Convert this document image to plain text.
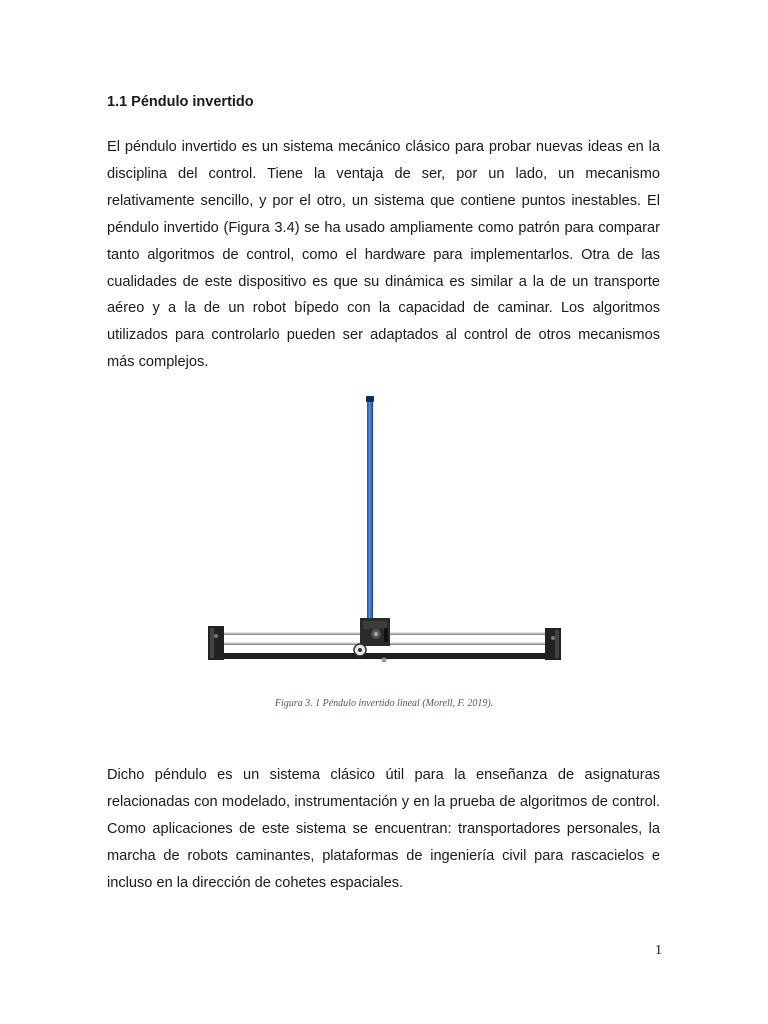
1.1 Péndulo invertido

El péndulo invertido es un sistema mecánico clásico para probar nuevas ideas en la disciplina del control. Tiene la ventaja de ser, por un lado, un mecanismo relativamente sencillo, y por el otro, un sistema que contiene puntos inestables. El péndulo invertido (Figura 3.4) se ha usado ampliamente como patrón para comparar tanto algoritmos de control, como el hardware para implementarlos. Otra de las cualidades de este dispositivo es que su dinámica es similar a la de un transporte aéreo y a la de un robot bípedo con la capacidad de caminar. Los algoritmos utilizados para controlarlo pueden ser adaptados al control de otros mecanismos más complejos.

Figura 3. 1 Péndulo invertido lineal (Morell, F. 2019).

Dicho péndulo es un sistema clásico útil para la enseñanza de asignaturas relacionadas con modelado, instrumentación y en la prueba de algoritmos de control. Como aplicaciones de este sistema se encuentran: transportadores personales, la marcha de robots caminantes, plataformas de ingeniería civil para rascacielos e incluso en la dirección de cohetes espaciales.

1
